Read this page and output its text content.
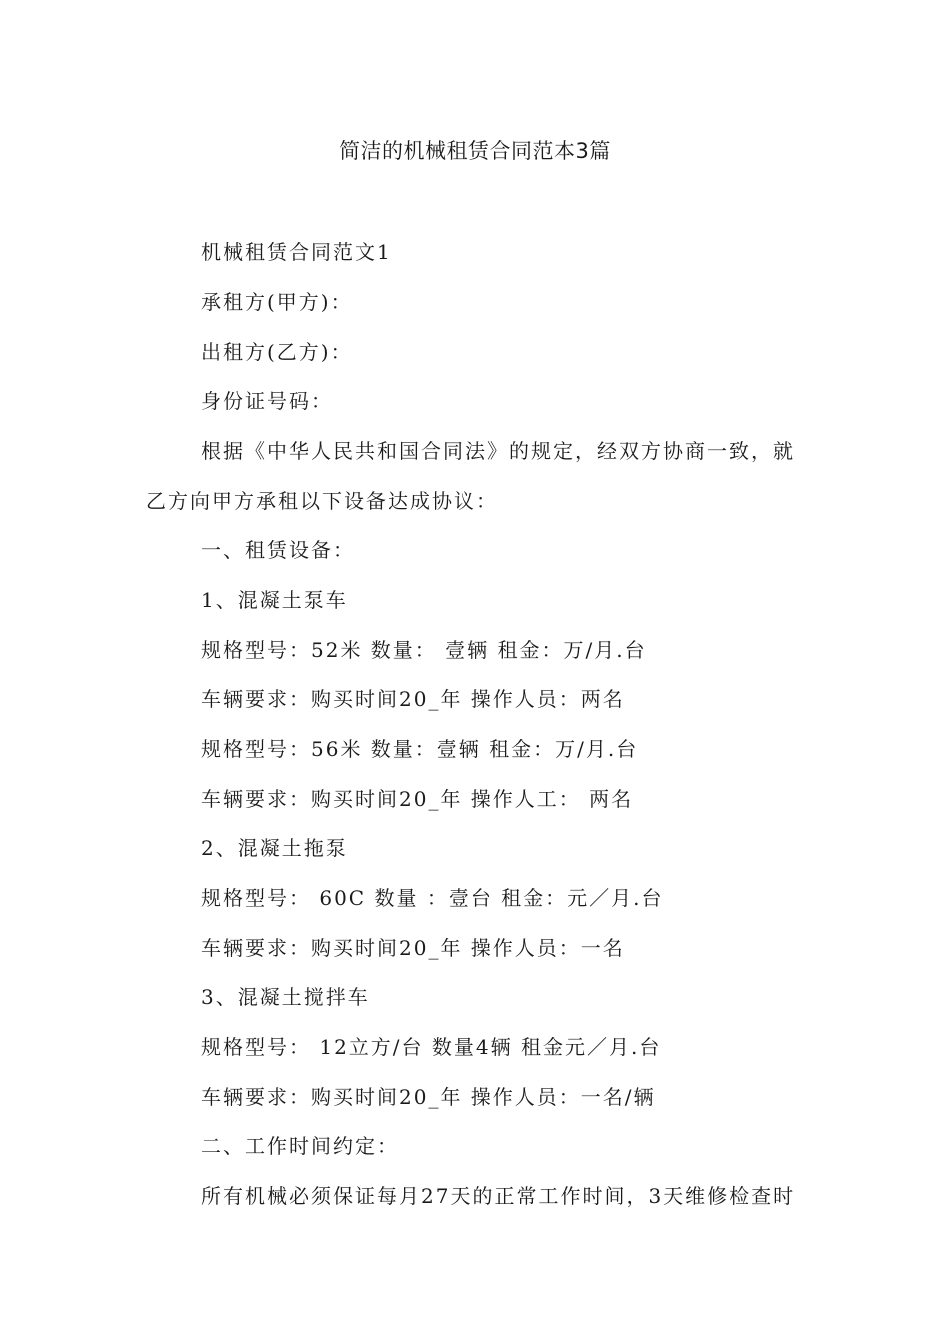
简洁的机械租赁合同范本3篇
机械租赁合同范文1
承租方(甲方)：
出租方(乙方)：
身份证号码：
根据《中华人民共和国合同法》的规定，经双方协商一致，就
乙方向甲方承租以下设备达成协议：
一、租赁设备：
1、混凝土泵车
规格型号：52米 数量： 壹辆 租金：万/月.台
车辆要求：购买时间20_年 操作人员：两名
规格型号：56米 数量：壹辆 租金：万/月.台
车辆要求：购买时间20_年 操作人工： 两名
2、混凝土拖泵
规格型号： 60C 数量 ：壹台 租金：元／月.台
车辆要求：购买时间20_年 操作人员：一名
3、混凝土搅拌车
规格型号： 12立方/台 数量4辆 租金元／月.台
车辆要求：购买时间20_年 操作人员：一名/辆
二、工作时间约定：
所有机械必须保证每月27天的正常工作时间，3天维修检查时
